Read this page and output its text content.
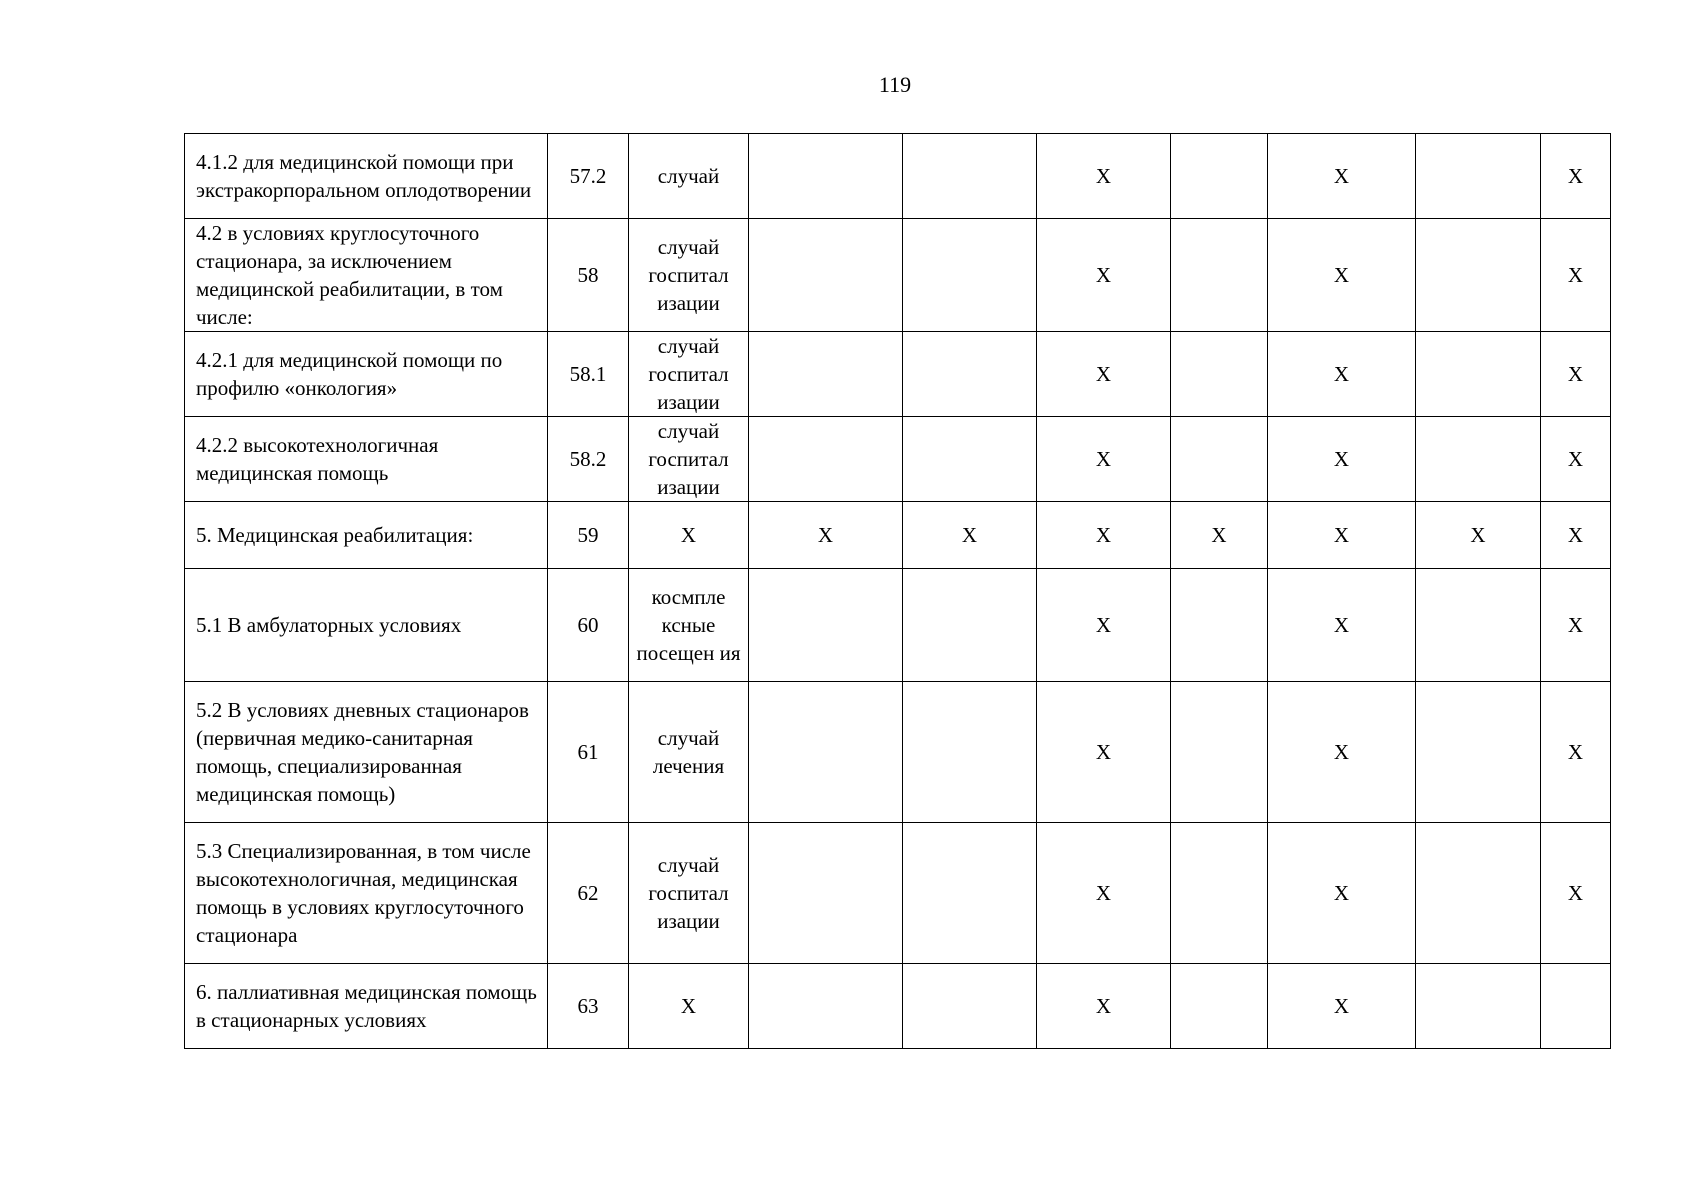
119
4.1.2 для медицинской помощи при экстракорпоральном оплодотворении	57.2	случай			X		X		X
4.2 в условиях круглосуточного стационара, за исключением медицинской реабилитации, в том числе:	58	случай госпитал изации			X		X		X
4.2.1 для медицинской помощи по профилю «онкология»	58.1	случай госпитал изации			X		X		X
4.2.2 высокотехнологичная медицинская помощь	58.2	случай госпитал изации			X		X		X
5. Медицинская реабилитация:	59	X	X	X	X	X	X	X	X
5.1 В амбулаторных условиях	60	космпле ксные посещен ия			X		X		X
5.2 В условиях дневных стационаров (первичная медико-санитарная помощь, специализированная медицинская помощь)	61	случай лечения			X		X		X
5.3 Специализированная, в том числе высокотехнологичная, медицинская помощь в условиях круглосуточного стационара	62	случай госпитал изации			X		X		X
6. паллиативная медицинская помощь в стационарных условиях	63	X			X		X		
